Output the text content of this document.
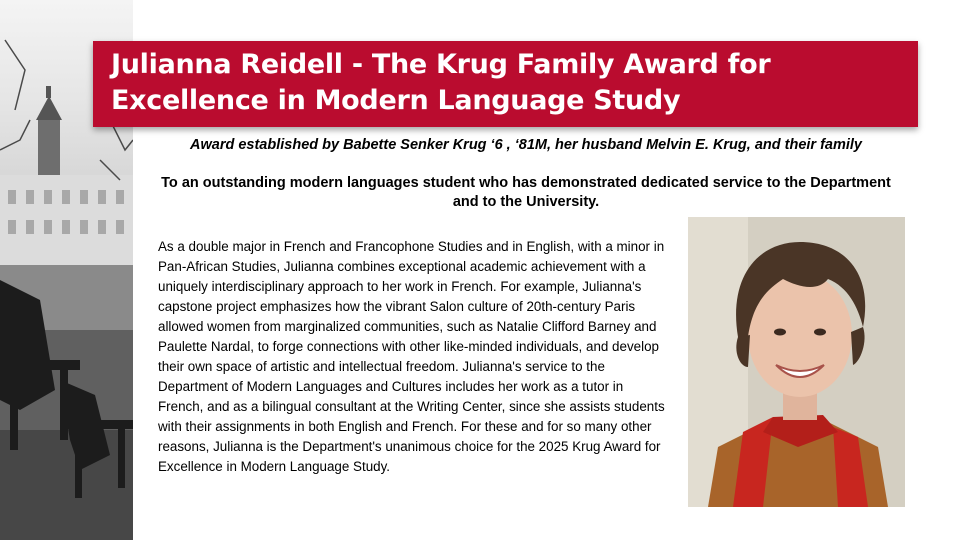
Julianna Reidell - The Krug Family Award for Excellence in Modern Language Study
Award established by Babette Senker Krug ‘6 , ‘81M, her husband Melvin E. Krug, and their family
To an outstanding modern languages student who has demonstrated dedicated service to the Department and to the University.

As a double major in French and Francophone Studies and in English, with a minor in Pan-African Studies, Julianna combines exceptional academic achievement with a uniquely interdisciplinary approach to her work in French. For example, Julianna's capstone project emphasizes how the vibrant Salon culture of 20th-century Paris allowed women from marginalized communities, such as Natalie Clifford Barney and Paulette Nardal, to forge connections with other like-minded individuals, and develop their own space of artistic and intellectual freedom. Julianna's service to the Department of Modern Languages and Cultures includes her work as a tutor in French, and as a bilingual consultant at the Writing Center, since she assists students with their assignments in both English and French. For these and for so many other reasons, Julianna is the Department's unanimous choice for the 2025 Krug Award for Excellence in Modern Language Study.
